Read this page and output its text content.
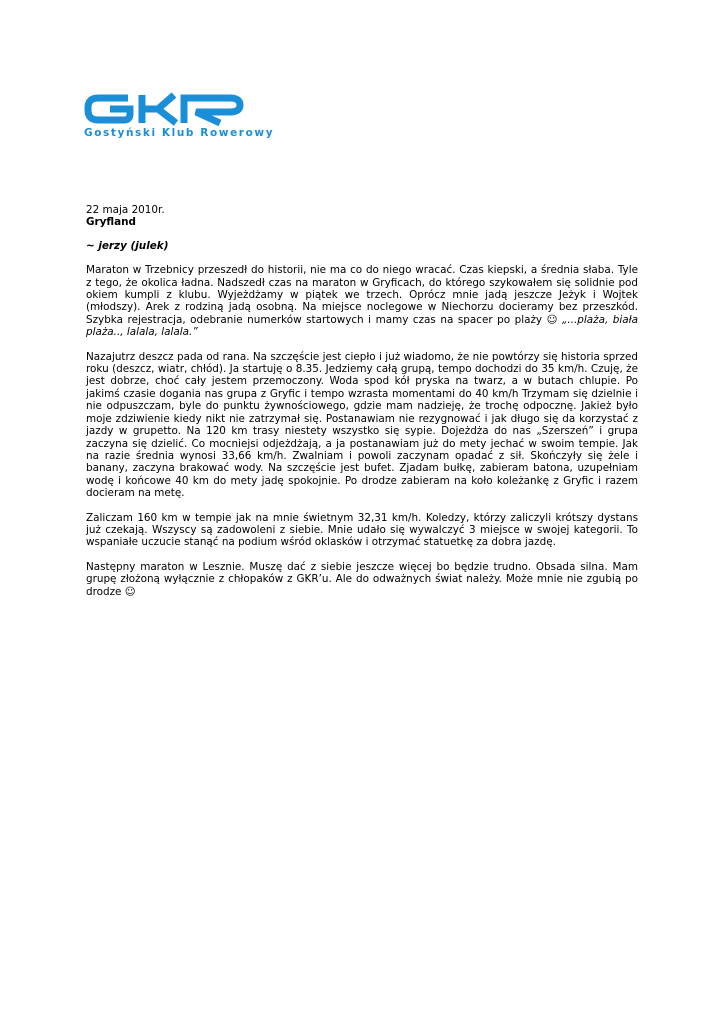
Gostyński Klub Rowerowy

22 maja 2010r.

Gryfland

~ jerzy (julek)

Maraton w Trzebnicy przeszedł do historii, nie ma co do niego wracać. Czas kiepski, a średnia słaba. Tyle z tego, że okolica ładna. Nadszedł czas na maraton w Gryficach, do którego szykowałem się solidnie pod okiem kumpli z klubu. Wyjeżdżamy w piątek we trzech. Oprócz mnie jadą jeszcze Jeżyk i Wojtek (młodszy). Arek z rodziną jadą osobną. Na miejsce noclegowe w Niechorzu docieramy bez przeszkód. Szybka rejestracja, odebranie numerków startowych i mamy czas na spacer po plaży ☺ „...plaża, biała plaża.., lalala, lalala.”

Nazajutrz deszcz pada od rana. Na szczęście jest ciepło i już wiadomo, że nie powtórzy się historia sprzed roku (deszcz, wiatr, chłód). Ja startuję o 8.35. Jedziemy całą grupą, tempo dochodzi do 35 km/h. Czuję, że jest dobrze, choć cały jestem przemoczony. Woda spod kół pryska na twarz, a w butach chlupie. Po jakimś czasie dogania nas grupa z Gryfic i tempo wzrasta momentami do 40 km/h Trzymam się dzielnie i nie odpuszczam, byle do punktu żywnościowego, gdzie mam nadzieję, że trochę odpocznę. Jakież było moje zdziwienie kiedy nikt nie zatrzymał się. Postanawiam nie rezygnować i jak długo się da korzystać z jazdy w grupetto. Na 120 km trasy niestety wszystko się sypie. Dojeżdża do nas „Szerszeń” i grupa zaczyna się dzielić. Co mocniejsi odjeżdżają, a ja postanawiam już do mety jechać w swoim tempie. Jak na razie średnia wynosi 33,66 km/h. Zwalniam i powoli zaczynam opadać z sił. Skończyły się żele i banany, zaczyna brakować wody. Na szczęście jest bufet. Zjadam bułkę, zabieram batona, uzupełniam wodę i końcowe 40 km do mety jadę spokojnie. Po drodze zabieram na koło koleżankę z Gryfic i razem docieram na metę.

Zaliczam 160 km w tempie jak na mnie świetnym 32,31 km/h. Koledzy, którzy zaliczyli krótszy dystans już czekają. Wszyscy są zadowoleni z siebie. Mnie udało się wywalczyć 3 miejsce w swojej kategorii. To wspaniałe uczucie stanąć na podium wśród oklasków i otrzymać statuetkę za dobra jazdę.

Następny maraton w Lesznie. Muszę dać z siebie jeszcze więcej bo będzie trudno. Obsada silna. Mam grupę złożoną wyłącznie z chłopaków z GKR’u. Ale do odważnych świat należy. Może mnie nie zgubią po drodze ☺
